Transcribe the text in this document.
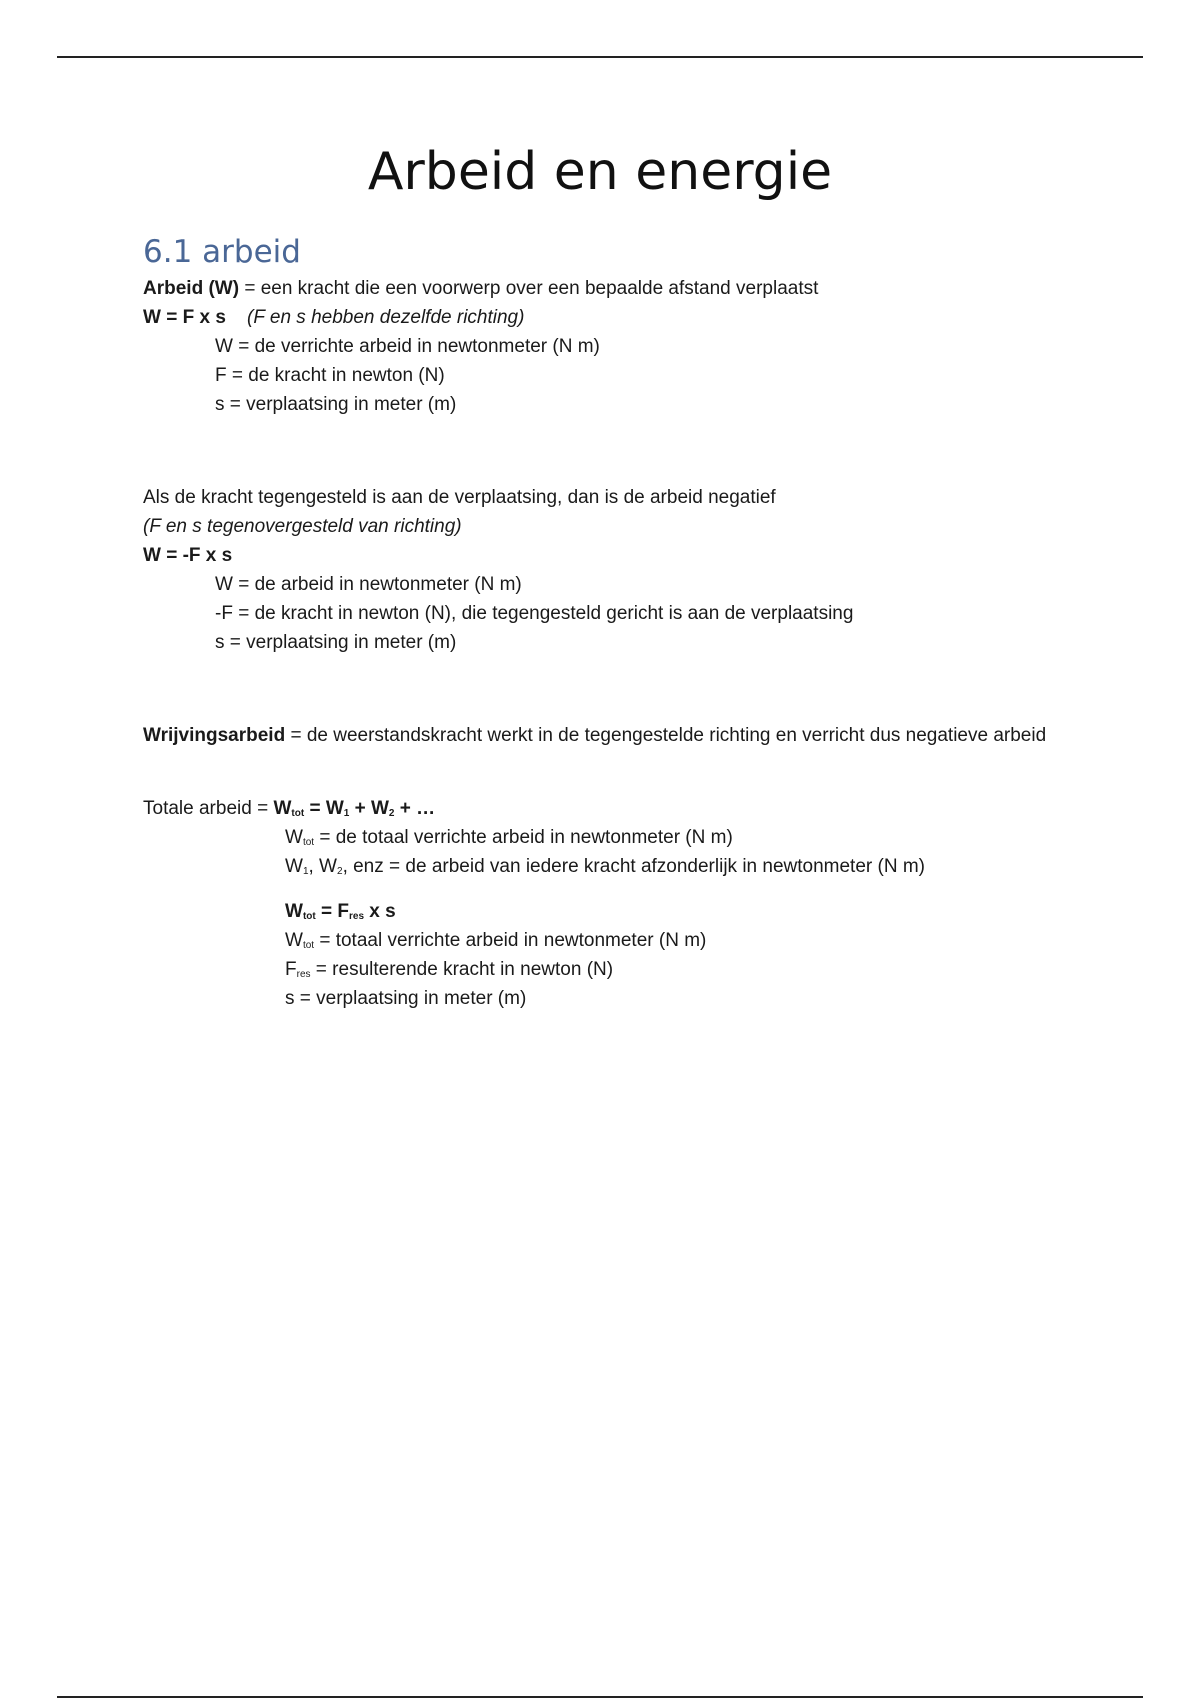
Arbeid en energie
6.1 arbeid
Arbeid (W) = een kracht die een voorwerp over een bepaalde afstand verplaatst
W = F x s (F en s hebben dezelfde richting)
W = de verrichte arbeid in newtonmeter (N m)
F = de kracht in newton (N)
s = verplaatsing in meter (m)
Als de kracht tegengesteld is aan de verplaatsing, dan is de arbeid negatief
(F en s tegenovergesteld van richting)
W = -F x s
W = de arbeid in newtonmeter (N m)
-F = de kracht in newton (N), die tegengesteld gericht is aan de verplaatsing
s = verplaatsing in meter (m)
Wrijvingsarbeid = de weerstandskracht werkt in de tegengestelde richting en verricht dus negatieve arbeid
Totale arbeid = $W_{tot} = W_1 + W_2$ + …
$W_{tot}$ = de totaal verrichte arbeid in newtonmeter (N m)
$W_1$, $W_2$, enz = de arbeid van iedere kracht afzonderlijk in newtonmeter (N m)
$W_{tot} = F_{res}$ x s
$W_{tot}$ = totaal verrichte arbeid in newtonmeter (N m)
$F_{res}$ = resulterende kracht in newton (N)
s = verplaatsing in meter (m)
